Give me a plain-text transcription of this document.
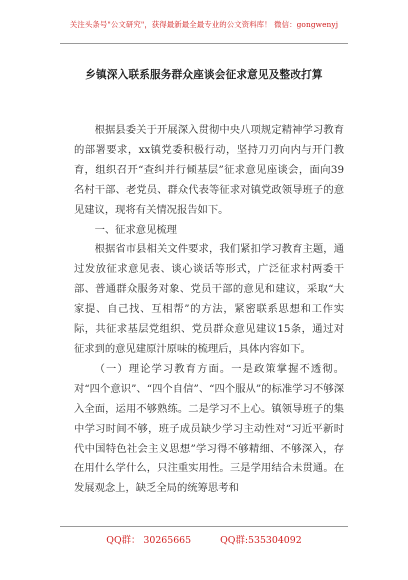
关注头条号"公文研究"，获得最新最全最专业的公文资料库！ 微信：gongwenyj
乡镇深入联系服务群众座谈会征求意见及整改打算

根据县委关于开展深入贯彻中央八项规定精神学习教育的部署要求，xx镇党委积极行动，坚持刀刃向内与开门教育，组织召开“查纠并行倾基层”征求意见座谈会，面向39名村干部、老党员、群众代表等征求对镇党政领导班子的意见建议，现将有关情况报告如下。

一、征求意见梳理

根据省市县相关文件要求，我们紧扣学习教育主题，通过发放征求意见表、谈心谈话等形式，广泛征求村两委干部、普通群众服务对象、党员干部的意见和建议，采取“大家提、自己找、互相帮”的方法，紧密联系思想和工作实际，共征求基层党组织、党员群众意见建议15条，通过对征求到的意见建原汁原味的梳理后，具体内容如下。

（一）理论学习教育方面。一是政策掌握不透彻。对“四个意识”、“四个自信”、“四个服从”的标准学习不够深入全面，运用不够熟练。二是学习不上心。镇领导班子的集中学习时间不够，班子成员缺少学习主动性对“习近平新时代中国特色社会主义思想”学习得不够精细、不够深入，存在用什么学什么，只注重实用性。三是学用结合未贯通。在发展观念上，缺乏全局的统筹思考和

QQ群： 30265665	QQ群:535304092
